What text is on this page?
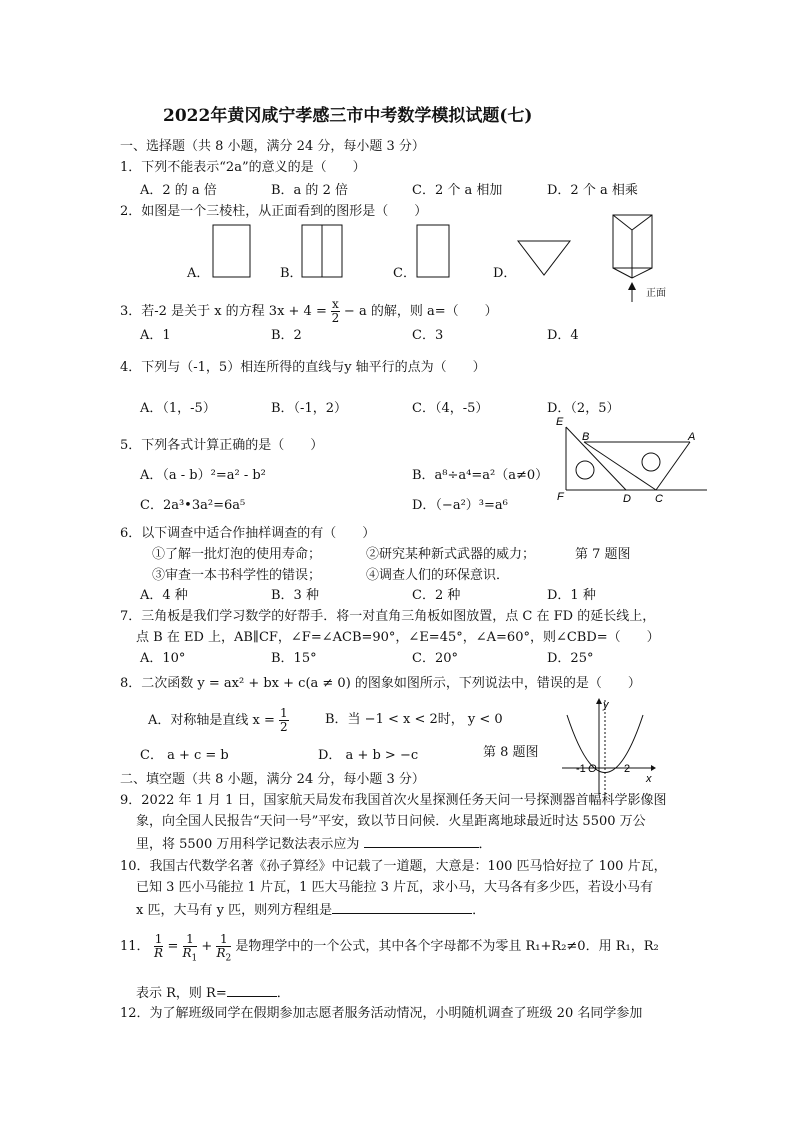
2022年黄冈咸宁孝感三市中考数学模拟试题(七)
一、选择题（共 8 小题，满分 24 分，每小题 3 分）
1．下列不能表示“2a”的意义的是（　　）
A．2 的 a 倍	B．a 的 2 倍	C．2 个 a 相加	D．2 个 a 相乘
2．如图是一个三棱柱，从正面看到的图形是（　　）
A．	B．	C．	D．
正面
3．若-2 是关于 x 的方程 $3x + 4 = \frac{x}{2} - a$ 的解，则 a=（　　）
A．1	B．2	C．3	D．4
4．下列与（-1，5）相连所得的直线与y 轴平行的点为（　　）
A．（1，-5）	B．（-1，2）	C．（4，-5）	D．（2，5）
5．下列各式计算正确的是（　　）
A．（a - b）²=a² - b²	B．a⁸÷a⁴=a²（a≠0）
C．2a³•3a²=6a⁵	D．（−a²）³=a⁶
E
B	A
F	D C
6．以下调查中适合作抽样调查的有（　　）
①了解一批灯泡的使用寿命；	②研究某种新式武器的威力；	第 7 题图
③审查一本书科学性的错误；	④调查人们的环保意识．
A．4 种	B．3 种	C．2 种	D．1 种
7．三角板是我们学习数学的好帮手．将一对直角三角板如图放置，点 C 在 FD 的延长线上，
点 B 在 ED 上，AB∥CF，∠F=∠ACB=90°，∠E=45°，∠A=60°，则∠CBD=（　　）
A．10°	B．15°	C．20°	D．25°
8．二次函数 y = ax² + bx + c(a ≠ 0) 的图象如图所示，下列说法中，错误的是（　　）
A．对称轴是直线 $x = \frac{1}{2}$	B．当 −1 < x < 2时， y < 0
C． a + c = b	D． a + b > −c	第 8 题图
y
x
O
-1	2
二、填空题（共 8 小题，满分 24 分，每小题 3 分）
9．2022 年 1 月 1 日，国家航天局发布我国首次火星探测任务天问一号探测器首幅科学影像图
象，向全国人民报告“天问一号”平安，致以节日问候．火星距离地球最近时达 5500 万公
里，将 5500 万用科学记数法表示应为	．
10．我国古代数学名著《孙子算经》中记载了一道题，大意是：100 匹马恰好拉了 100 片瓦，
已知 3 匹小马能拉 1 片瓦，1 匹大马能拉 3 片瓦，求小马，大马各有多少匹，若设小马有
x 匹，大马有 y 匹，则列方程组是	．
11． $\frac{1}{R} = \frac{1}{R_1} + \frac{1}{R_2}$ 是物理学中的一个公式，其中各个字母都不为零且 R₁+R₂≠0．用 R₁，R₂
表示 R，则 R=	．
12．为了解班级同学在假期参加志愿者服务活动情况，小明随机调查了班级 20 名同学参加
